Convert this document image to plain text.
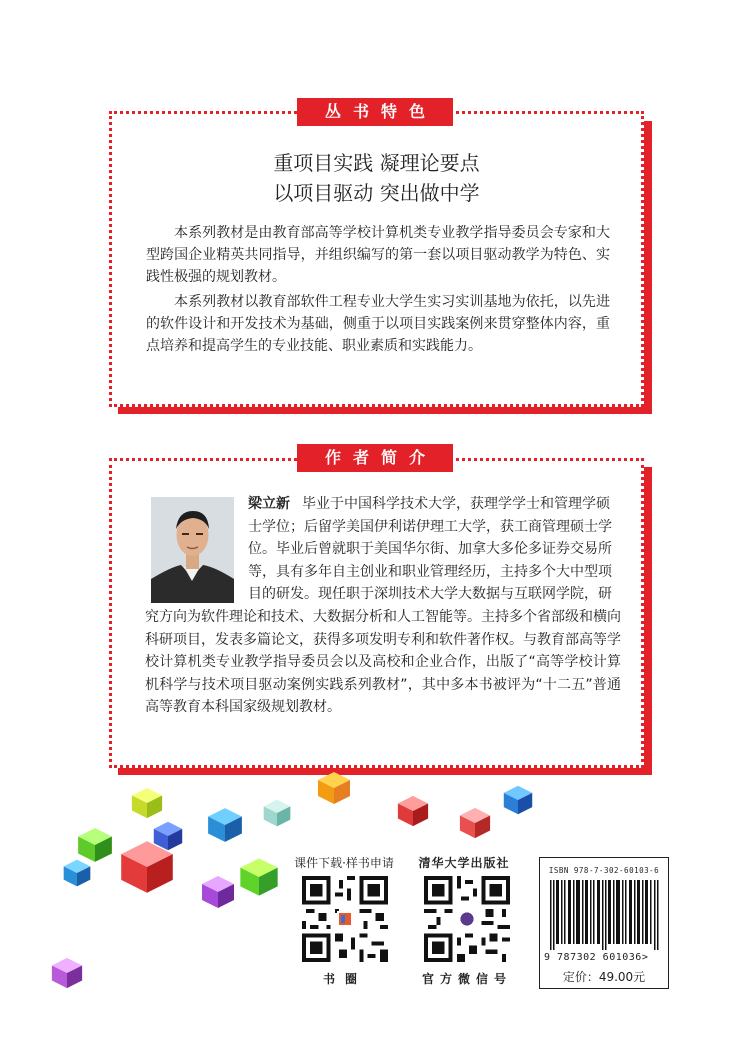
重项目实践 凝理论要点
以项目驱动 突出做中学

本系列教材是由教育部高等学校计算机类专业教学指导委员会专家和大型跨国企业精英共同指导，并组织编写的第一套以项目驱动教学为特色、实践性极强的规划教材。

本系列教材以教育部软件工程专业大学生实习实训基地为依托，以先进的软件设计和开发技术为基础，侧重于以项目实践案例来贯穿整体内容，重点培养和提高学生的专业技能、职业素质和实践能力。

丛书特色
作者简介
梁立新 毕业于中国科学技术大学，获理学学士和管理学硕
士学位；后留学美国伊利诺伊理工大学，获工商管理硕士学
位。毕业后曾就职于美国华尔街、加拿大多伦多证券交易所
等，具有多年自主创业和职业管理经历，主持多个大中型项
目的研发。现任职于深圳技术大学大数据与互联网学院，研

究方向为软件理论和技术、大数据分析和人工智能等。主持多个省部级和横向科研项目，发表多篇论文，获得多项发明专利和软件著作权。与教育部高等学校计算机类专业教学指导委员会以及高校和企业合作，出版了“高等学校计算机科学与技术项目驱动案例实践系列教材”，其中多本书被评为“十二五”普通高等教育本科国家级规划教材。

课件下载·样书申请
书圈
清华大学出版社
官方微信号
ISBN 978-7-302-60103-6
9 787302 601036>
定价：49.00元
